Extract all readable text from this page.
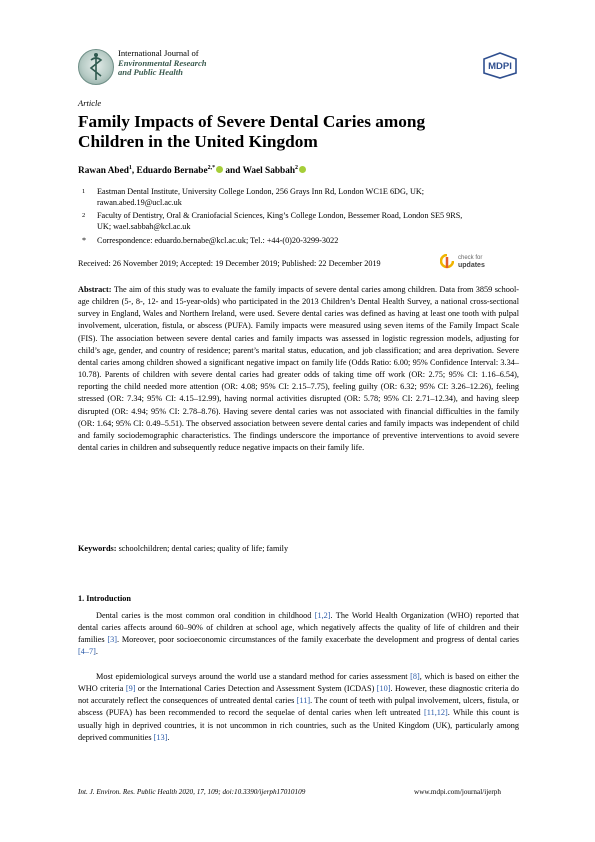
International Journal of
Environmental Research
and Public Health
MDPI
Article
Family Impacts of Severe Dental Caries among
Children in the United Kingdom
Rawan Abed$^1$, Eduardo Bernabe$^{2,*}$ and Wael Sabbah$^2$
1	Eastman Dental Institute, University College London, 256 Grays Inn Rd, London WC1E 6DG, UK;
rawan.abed.19@ucl.ac.uk
2	Faculty of Dentistry, Oral & Craniofacial Sciences, King’s College London, Bessemer Road, London SE5 9RS,
UK; wael.sabbah@kcl.ac.uk
*	Correspondence: eduardo.bernabe@kcl.ac.uk; Tel.: +44-(0)20-3299-3022
Received: 26 November 2019; Accepted: 19 December 2019; Published: 22 December 2019
check for
updates
Abstract: The aim of this study was to evaluate the family impacts of severe dental caries among children. Data from 3859 school-age children (5-, 8-, 12- and 15-year-olds) who participated in the 2013 Children’s Dental Health Survey, a national cross-sectional survey in England, Wales and Northern Ireland, were used. Severe dental caries was defined as having at least one tooth with pulpal involvement, ulceration, fistula, or abscess (PUFA). Family impacts were measured using seven items of the Family Impact Scale (FIS). The association between severe dental caries and family impacts was assessed in logistic regression models, adjusting for child’s age, gender, and country of residence; parent’s marital status, education, and job classification; and area deprivation. Severe dental caries among children showed a significant negative impact on family life (Odds Ratio: 6.00; 95% Confidence Interval: 3.34–10.78). Parents of children with severe dental caries had greater odds of taking time off work (OR: 2.75; 95% CI: 1.16–6.54), reporting the child needed more attention (OR: 4.08; 95% CI: 2.15–7.75), feeling guilty (OR: 6.32; 95% CI: 3.26–12.26), feeling stressed (OR: 7.34; 95% CI: 4.15–12.99), having normal activities disrupted (OR: 5.78; 95% CI: 2.71–12.34), and having sleep disrupted (OR: 4.94; 95% CI: 2.78–8.76). Having severe dental caries was not associated with financial difficulties in the family (OR: 1.64; 95% CI: 0.49–5.51). The observed association between severe dental caries and family impacts was independent of child and family sociodemographic characteristics. The findings underscore the importance of preventive interventions to avoid severe dental caries in children and subsequently reduce negative impacts on their family life.
Keywords: schoolchildren; dental caries; quality of life; family
1. Introduction

Dental caries is the most common oral condition in childhood [1,2]. The World Health Organization (WHO) reported that dental caries affects around 60–90% of children at school age, which negatively affects the quality of life of children and their families [3]. Moreover, poor socioeconomic circumstances of the family exacerbate the development and progress of dental caries [4–7].

Most epidemiological surveys around the world use a standard method for caries assessment [8], which is based on either the WHO criteria [9] or the International Caries Detection and Assessment System (ICDAS) [10]. However, these diagnostic criteria do not accurately reflect the consequences of untreated dental caries [11]. The count of teeth with pulpal involvement, ulcers, fistula, or abscess (PUFA) has been recommended to record the sequelae of dental caries when left untreated [11,12]. While this count is usually high in deprived countries, it is not uncommon in rich countries, such as the United Kingdom (UK), particularly among deprived communities [13].

Int. J. Environ. Res. Public Health 2020, 17, 109; doi:10.3390/ijerph17010109	www.mdpi.com/journal/ijerph
